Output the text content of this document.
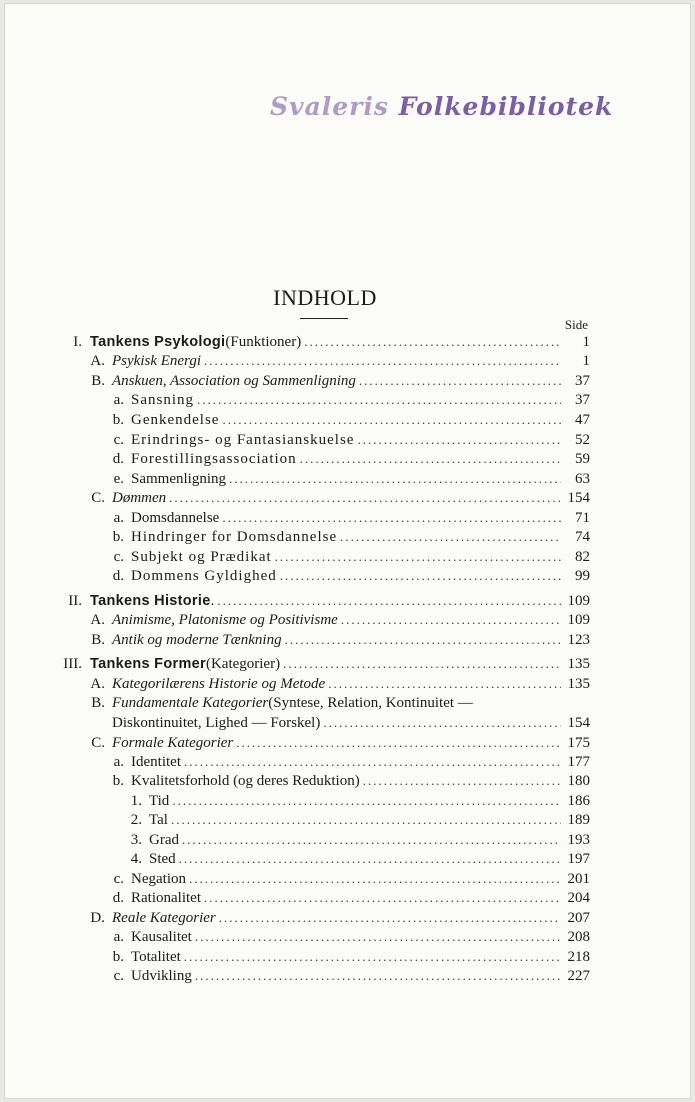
Svaleris Folkebibliotek
INDHOLD
Side
I. Tankens Psykologi (Funktioner) .....	1
A. Psykisk Energi .....	1
B. Anskuen, Association og Sammenligning .....	37
a. Sansning .....	37
b. Genkendelse .....	47
c. Erindrings- og Fantasianskuelse .....	52
d. Forestillingsassociation .....	59
e. Sammenligning .....	63
C. Dømmen .....	154
a. Domsdannelse .....	71
b. Hindringer for Domsdannelse .....	74
c. Subjekt og Prædikat .....	82
d. Dommens Gyldighed .....	99
II. Tankens Historie . .....	109
A. Animisme, Platonisme og Positivisme .....	109
B. Antik og moderne Tænkning .....	123
III. Tankens Former (Kategorier) .....	135
A. Kategorilærens Historie og Metode .....	135
B. Fundamentale Kategorier (Syntese, Relation, Kontinuitet —
Diskontinuitet, Lighed — Forskel) .....	154
C. Formale Kategorier .....	175
a. Identitet .....	177
b. Kvalitetsforhold (og deres Reduktion) .....	180
1. Tid .....	186
2. Tal .....	189
3. Grad .....	193
4. Sted .....	197
c. Negation .....	201
d. Rationalitet .....	204
D. Reale Kategorier .....	207
a. Kausalitet .....	208
b. Totalitet .....	218
c. Udvikling .....	227
